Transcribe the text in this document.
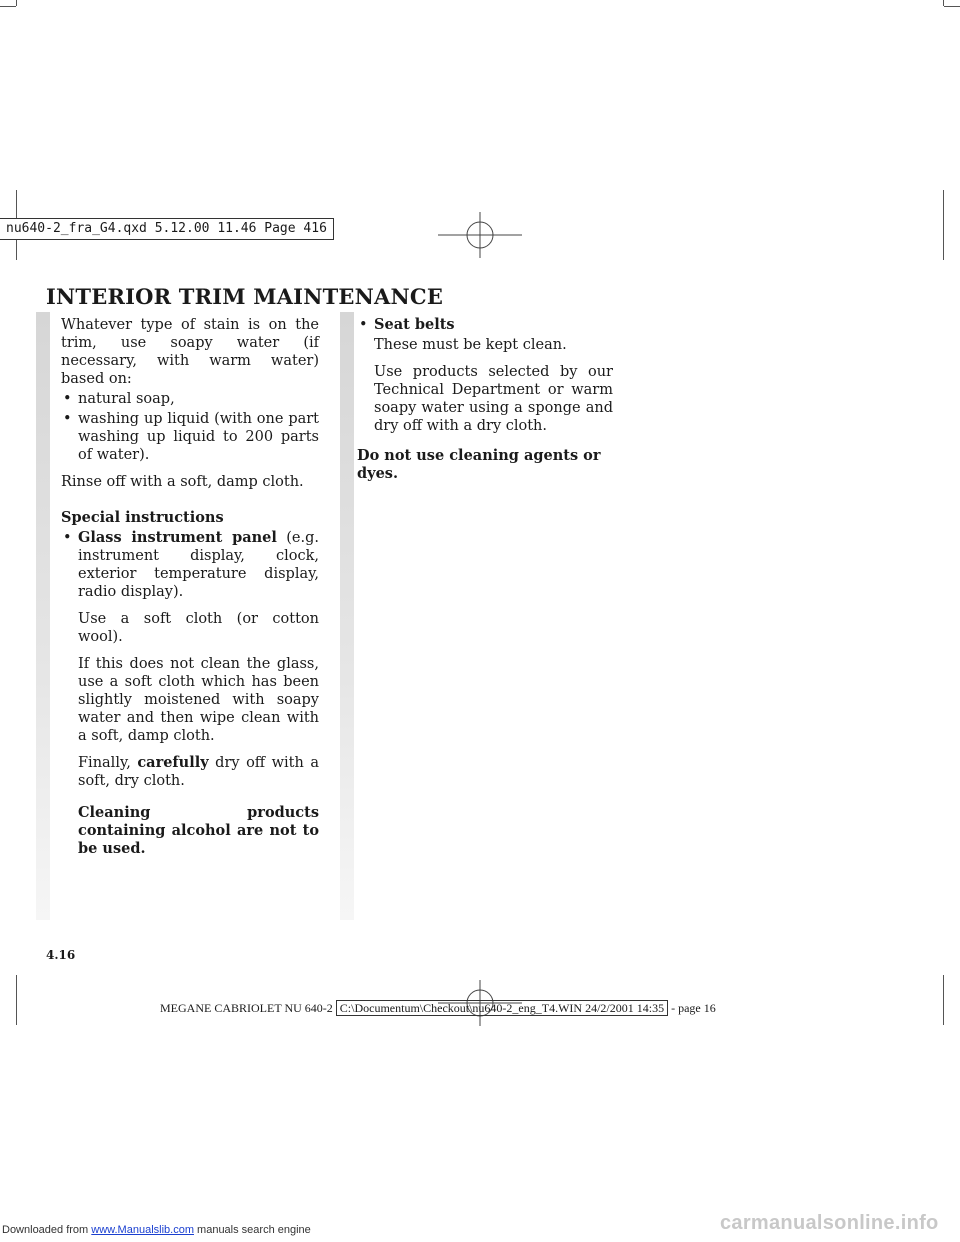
nu640-2_fra_G4.qxd 5.12.00 11.46 Page 416
INTERIOR TRIM MAINTENANCE

Whatever type of stain is on the trim, use soapy water (if necessary, with warm water) based on:

• natural soap,
• washing up liquid (with one part washing up liquid to 200 parts of water).

Rinse off with a soft, damp cloth.

Special instructions

• Glass instrument panel (e.g. instrument display, clock, exterior temperature display, radio display).

Use a soft cloth (or cotton wool).

If this does not clean the glass, use a soft cloth which has been slightly moistened with soapy water and then wipe clean with a soft, damp cloth.

Finally, carefully dry off with a soft, dry cloth.

Cleaning products containing alcohol are not to be used.

• Seat belts

These must be kept clean.

Use products selected by our Technical Department or warm soapy water using a sponge and dry off with a dry cloth.

Do not use cleaning agents or dyes.

4.16
MEGANE CABRIOLET NU 640-2 C:\Documentum\Checkout\nu640-2_eng_T4.WIN 24/2/2001 14:35 - page 16
Downloaded from www.Manualslib.com manuals search engine	carmanualsonline.info
